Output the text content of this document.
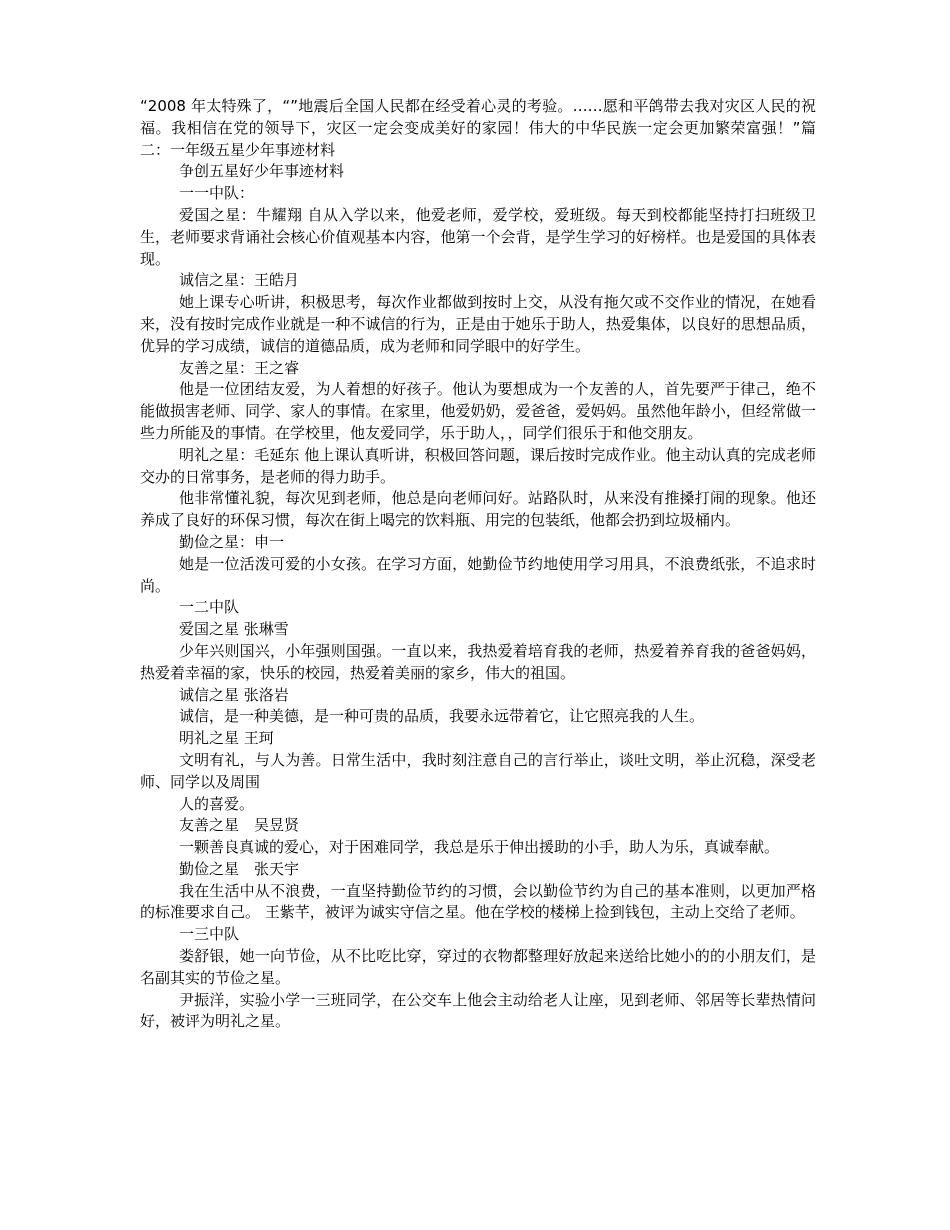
“2008 年太特殊了，“”地震后全国人民都在经受着心灵的考验。……愿和平鸽带去我对灾区人民的祝福。我相信在党的领导下，灾区一定会变成美好的家园！伟大的中华民族一定会更加繁荣富强！”篇二：一年级五星少年事迹材料

争创五星好少年事迹材料

一一中队：

爱国之星：牛耀翔 自从入学以来，他爱老师，爱学校，爱班级。每天到校都能坚持打扫班级卫生，老师要求背诵社会核心价值观基本内容，他第一个会背，是学生学习的好榜样。也是爱国的具体表现。

诚信之星：王皓月

她上课专心听讲，积极思考，每次作业都做到按时上交，从没有拖欠或不交作业的情况，在她看来，没有按时完成作业就是一种不诚信的行为，正是由于她乐于助人，热爱集体，以良好的思想品质，优异的学习成绩，诚信的道德品质，成为老师和同学眼中的好学生。

友善之星：王之睿

他是一位团结友爱，为人着想的好孩子。他认为要想成为一个友善的人，首先要严于律己，绝不能做损害老师、同学、家人的事情。在家里，他爱奶奶，爱爸爸，爱妈妈。虽然他年龄小，但经常做一些力所能及的事情。在学校里，他友爱同学，乐于助人，，同学们很乐于和他交朋友。

明礼之星：毛延东 他上课认真听讲，积极回答问题，课后按时完成作业。他主动认真的完成老师交办的日常事务，是老师的得力助手。

他非常懂礼貌，每次见到老师，他总是向老师问好。站路队时，从来没有推搡打闹的现象。他还养成了良好的环保习惯，每次在街上喝完的饮料瓶、用完的包装纸，他都会扔到垃圾桶内。

勤俭之星：申一

她是一位活泼可爱的小女孩。在学习方面，她勤俭节约地使用学习用具，不浪费纸张，不追求时尚。

一二中队

爱国之星 张琳雪

少年兴则国兴，小年强则国强。一直以来，我热爱着培育我的老师，热爱着养育我的爸爸妈妈，热爱着幸福的家，快乐的校园，热爱着美丽的家乡，伟大的祖国。

诚信之星 张洛岩

诚信，是一种美德，是一种可贵的品质，我要永远带着它，让它照亮我的人生。

明礼之星 王珂

文明有礼，与人为善。日常生活中，我时刻注意自己的言行举止，谈吐文明，举止沉稳，深受老师、同学以及周围

人的喜爱。

友善之星　吴昱贤

一颗善良真诚的爱心，对于困难同学，我总是乐于伸出援助的小手，助人为乐，真诚奉献。

勤俭之星　张天宇

我在生活中从不浪费，一直坚持勤俭节约的习惯，会以勤俭节约为自己的基本准则，以更加严格的标准要求自己。 王紫芊，被评为诚实守信之星。他在学校的楼梯上捡到钱包，主动上交给了老师。

一三中队

娄舒银，她一向节俭，从不比吃比穿，穿过的衣物都整理好放起来送给比她小的的小朋友们，是名副其实的节俭之星。

尹振洋，实验小学一三班同学，在公交车上他会主动给老人让座，见到老师、邻居等长辈热情问好，被评为明礼之星。
